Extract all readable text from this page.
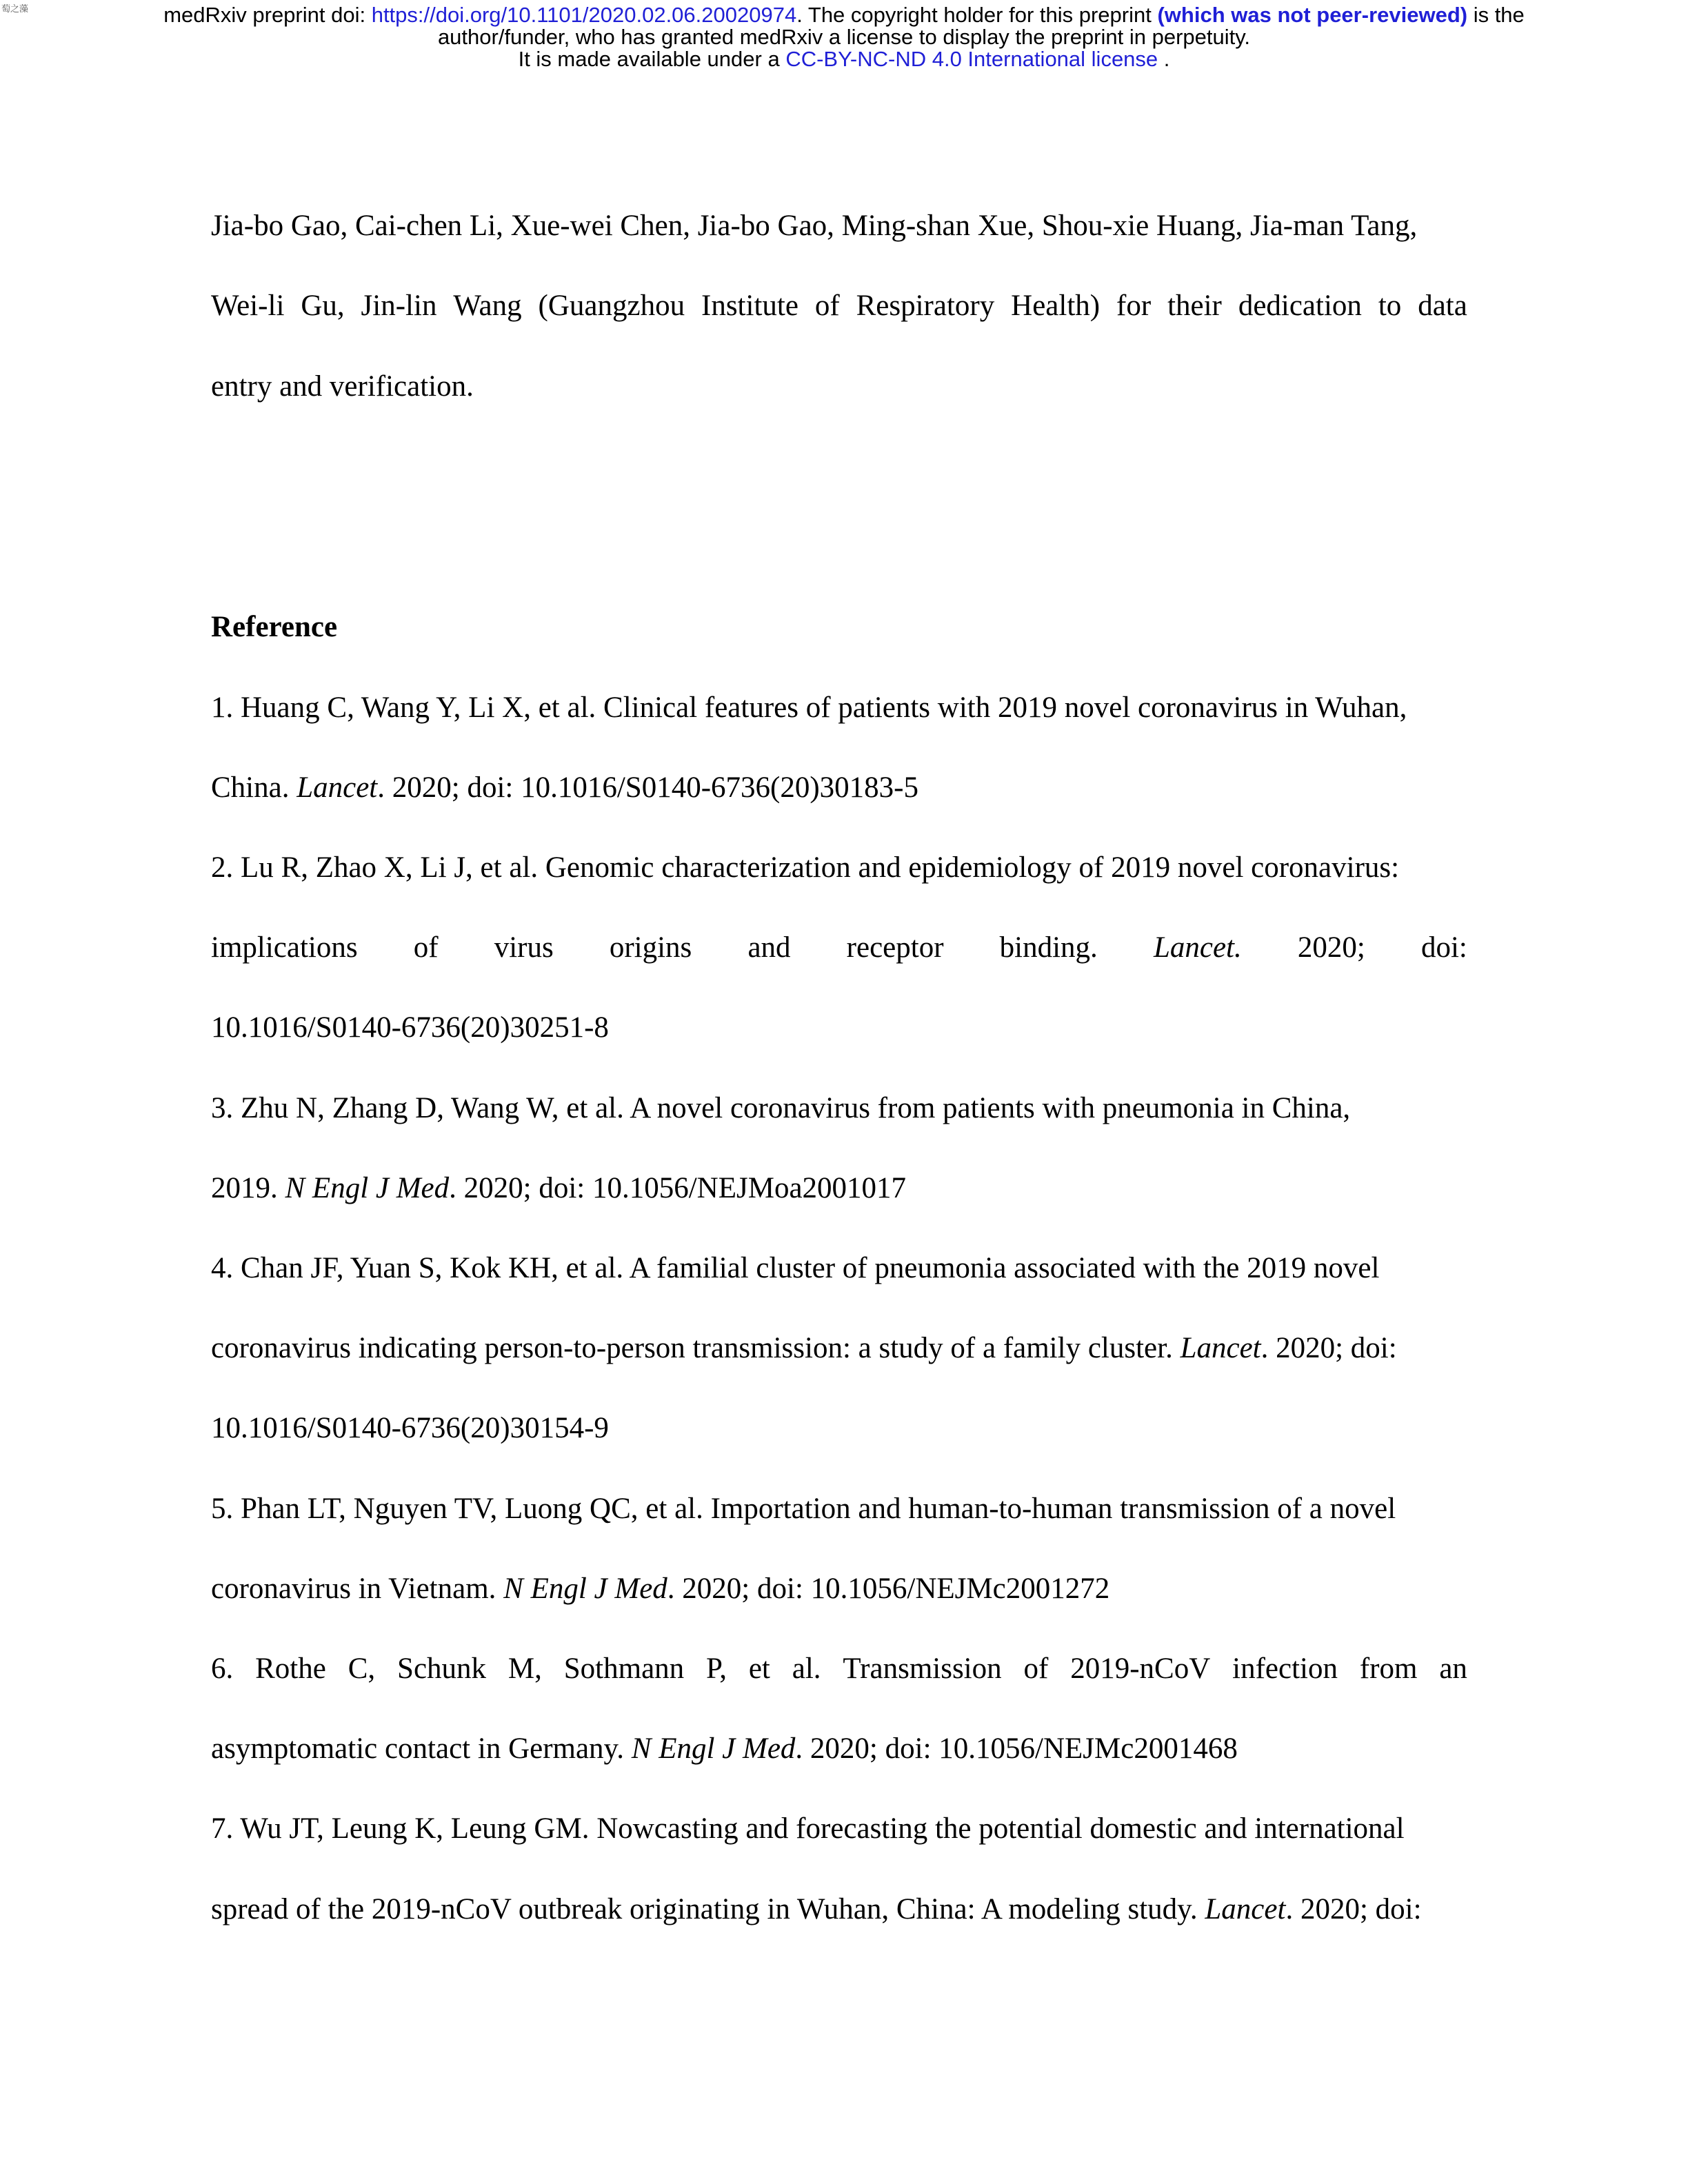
萄之藻	medRxiv preprint doi: https://doi.org/10.1101/2020.02.06.20020974. The copyright holder for this preprint (which was not peer-reviewed) is the
author/funder, who has granted medRxiv a license to display the preprint in perpetuity.
It is made available under a CC-BY-NC-ND 4.0 International license .
Jia-bo Gao, Cai-chen Li, Xue-wei Chen, Jia-bo Gao, Ming-shan Xue, Shou-xie Huang, Jia-man Tang,
Wei-li Gu, Jin-lin Wang (Guangzhou Institute of Respiratory Health) for their dedication to data
entry and verification.
Reference
1. Huang C, Wang Y, Li X, et al. Clinical features of patients with 2019 novel coronavirus in Wuhan,
China. Lancet. 2020; doi: 10.1016/S0140-6736(20)30183-5
2. Lu R, Zhao X, Li J, et al. Genomic characterization and epidemiology of 2019 novel coronavirus:
implications of virus origins and receptor binding. Lancet. 2020; doi:
10.1016/S0140-6736(20)30251-8
3. Zhu N, Zhang D, Wang W, et al. A novel coronavirus from patients with pneumonia in China,
2019. N Engl J Med. 2020; doi: 10.1056/NEJMoa2001017
4. Chan JF, Yuan S, Kok KH, et al. A familial cluster of pneumonia associated with the 2019 novel
coronavirus indicating person-to-person transmission: a study of a family cluster. Lancet. 2020; doi:
10.1016/S0140-6736(20)30154-9
5. Phan LT, Nguyen TV, Luong QC, et al. Importation and human-to-human transmission of a novel
coronavirus in Vietnam. N Engl J Med. 2020; doi: 10.1056/NEJMc2001272
6. Rothe C, Schunk M, Sothmann P, et al. Transmission of 2019-nCoV infection from an
asymptomatic contact in Germany. N Engl J Med. 2020; doi: 10.1056/NEJMc2001468
7. Wu JT, Leung K, Leung GM. Nowcasting and forecasting the potential domestic and international
spread of the 2019-nCoV outbreak originating in Wuhan, China: A modeling study. Lancet. 2020; doi:
